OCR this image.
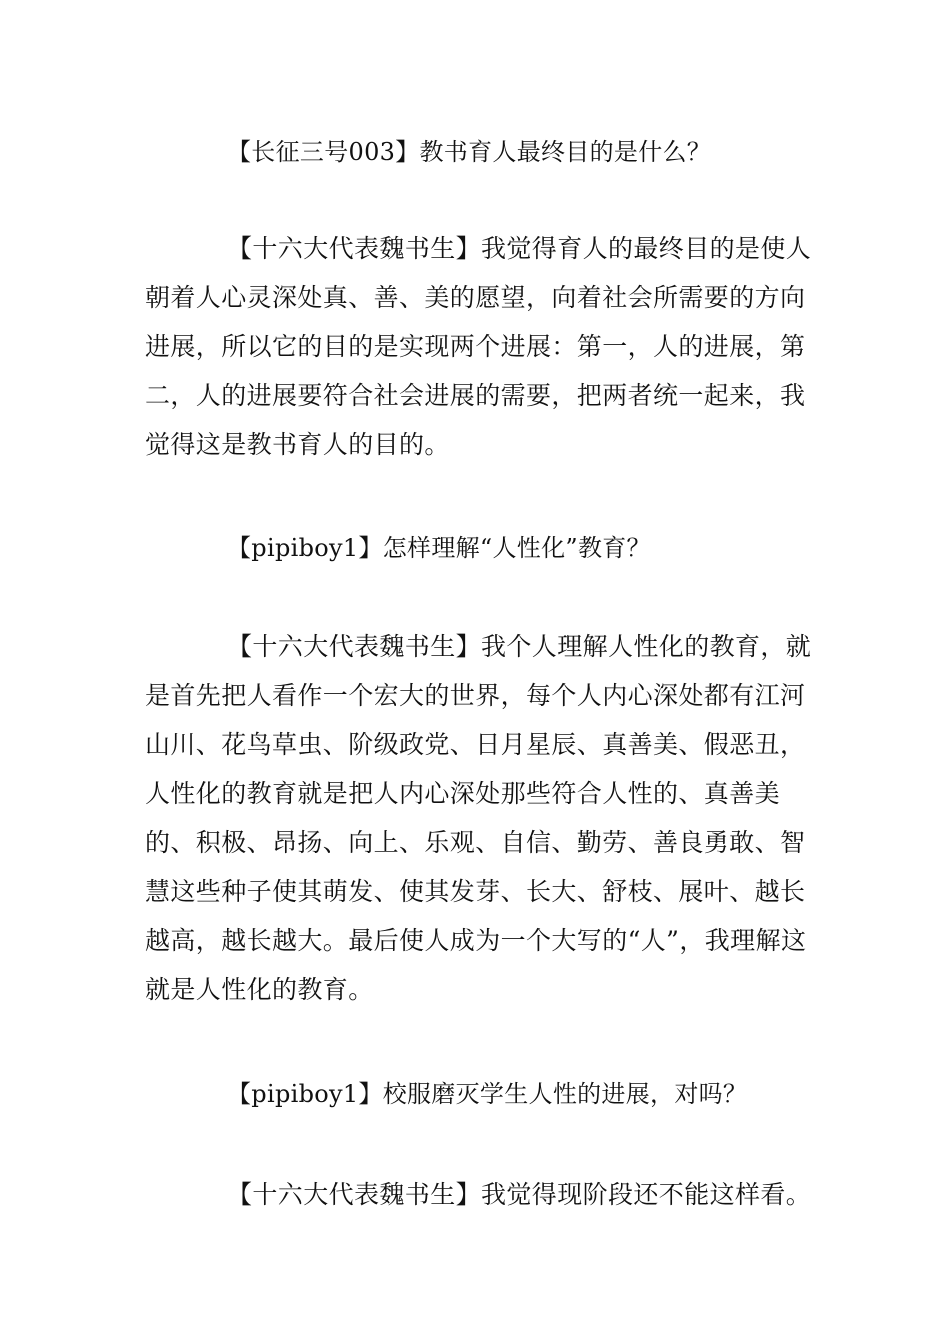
【长征三号003】教书育人最终目的是什么？

【十六大代表魏书生】我觉得育人的最终目的是使人朝着人心灵深处真、善、美的愿望，向着社会所需要的方向进展，所以它的目的是实现两个进展：第一，人的进展，第二，人的进展要符合社会进展的需要，把两者统一起来，我觉得这是教书育人的目的。

【pipiboy1】怎样理解“人性化”教育？

【十六大代表魏书生】我个人理解人性化的教育，就是首先把人看作一个宏大的世界，每个人内心深处都有江河山川、花鸟草虫、阶级政党、日月星辰、真善美、假恶丑，人性化的教育就是把人内心深处那些符合人性的、真善美的、积极、昂扬、向上、乐观、自信、勤劳、善良勇敢、智慧这些种子使其萌发、使其发芽、长大、舒枝、展叶、越长越高，越长越大。最后使人成为一个大写的“人”，我理解这就是人性化的教育。

【pipiboy1】校服磨灭学生人性的进展，对吗？

【十六大代表魏书生】我觉得现阶段还不能这样看。
